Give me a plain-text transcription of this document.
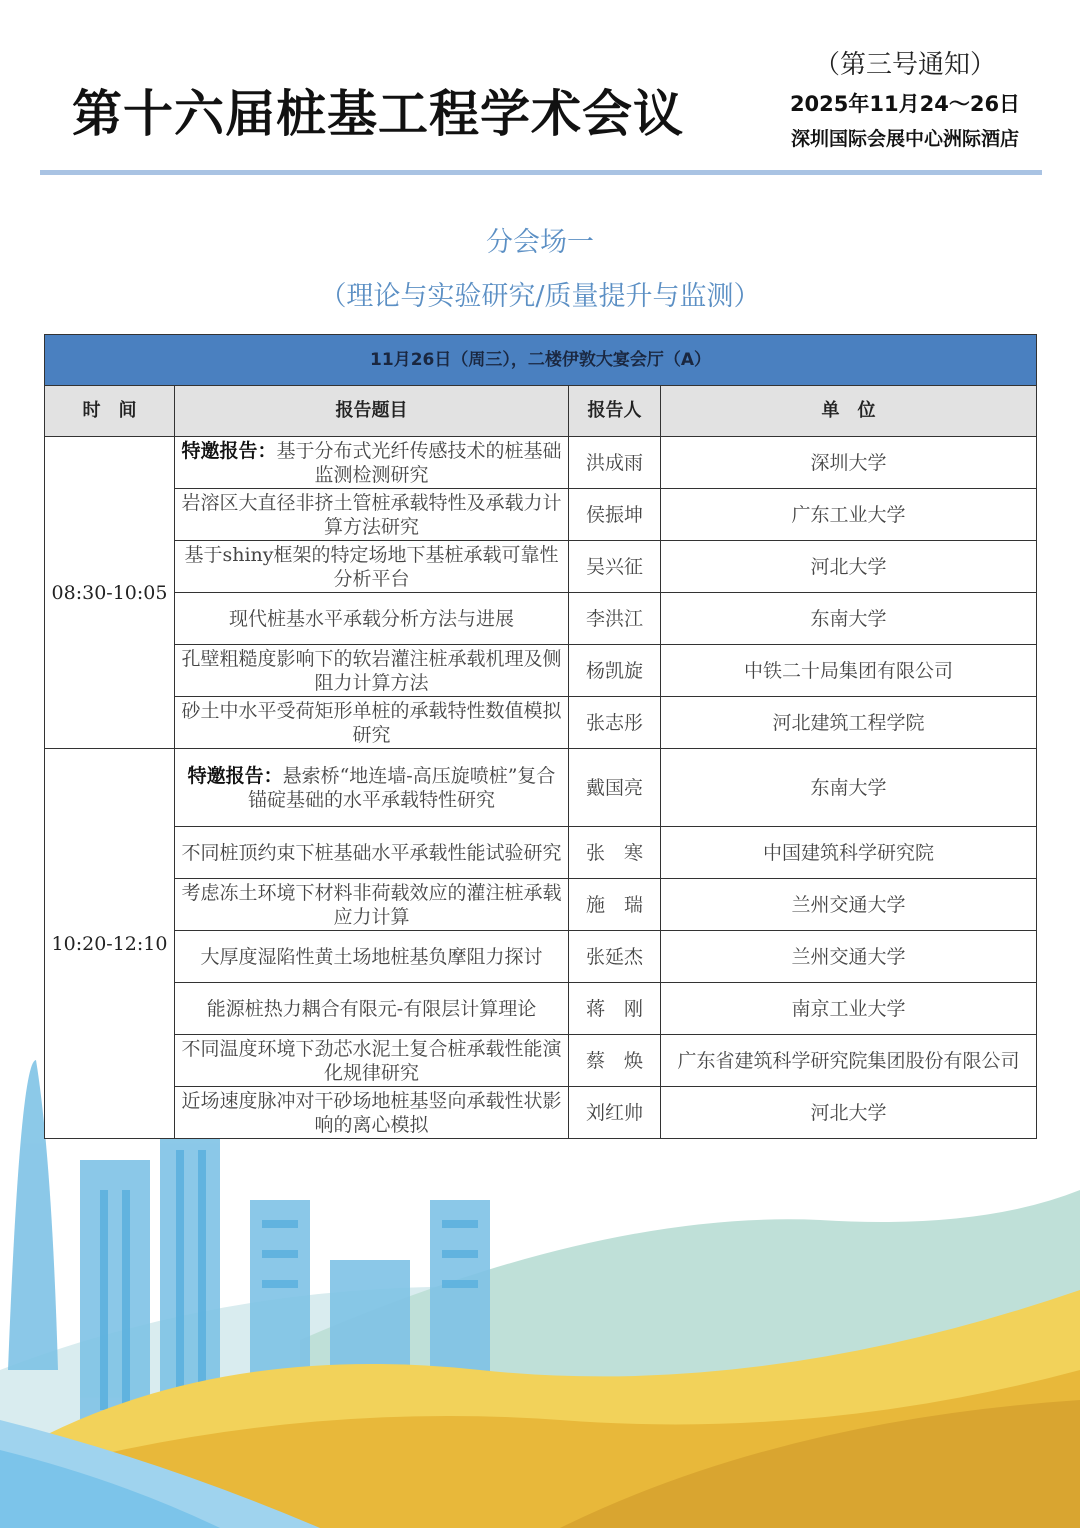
第十六届桩基工程学术会议
（第三号通知）
2025年11月24～26日
深圳国际会展中心洲际酒店
分会场一
（理论与实验研究/质量提升与监测）
11月26日（周三），二楼伊敦大宴会厅（A）			
时　间	报告题目	报告人	单　位
08:30-10:05	特邀报告：基于分布式光纤传感技术的桩基础监测检测研究	洪成雨	深圳大学
	岩溶区大直径非挤土管桩承载特性及承载力计算方法研究	侯振坤	广东工业大学
	基于shiny框架的特定场地下基桩承载可靠性分析平台	吴兴征	河北大学
	现代桩基水平承载分析方法与进展	李洪江	东南大学
	孔壁粗糙度影响下的软岩灌注桩承载机理及侧阻力计算方法	杨凯旋	中铁二十局集团有限公司
	砂土中水平受荷矩形单桩的承载特性数值模拟研究	张志彤	河北建筑工程学院
10:20-12:10	特邀报告：悬索桥“地连墙-高压旋喷桩”复合锚碇基础的水平承载特性研究	戴国亮	东南大学
	不同桩顶约束下桩基础水平承载性能试验研究	张　寒	中国建筑科学研究院
	考虑冻土环境下材料非荷载效应的灌注桩承载应力计算	施　瑞	兰州交通大学
	大厚度湿陷性黄土场地桩基负摩阻力探讨	张延杰	兰州交通大学
	能源桩热力耦合有限元-有限层计算理论	蒋　刚	南京工业大学
	不同温度环境下劲芯水泥土复合桩承载性能演化规律研究	蔡　焕	广东省建筑科学研究院集团股份有限公司
	近场速度脉冲对干砂场地桩基竖向承载性状影响的离心模拟	刘红帅	河北大学
